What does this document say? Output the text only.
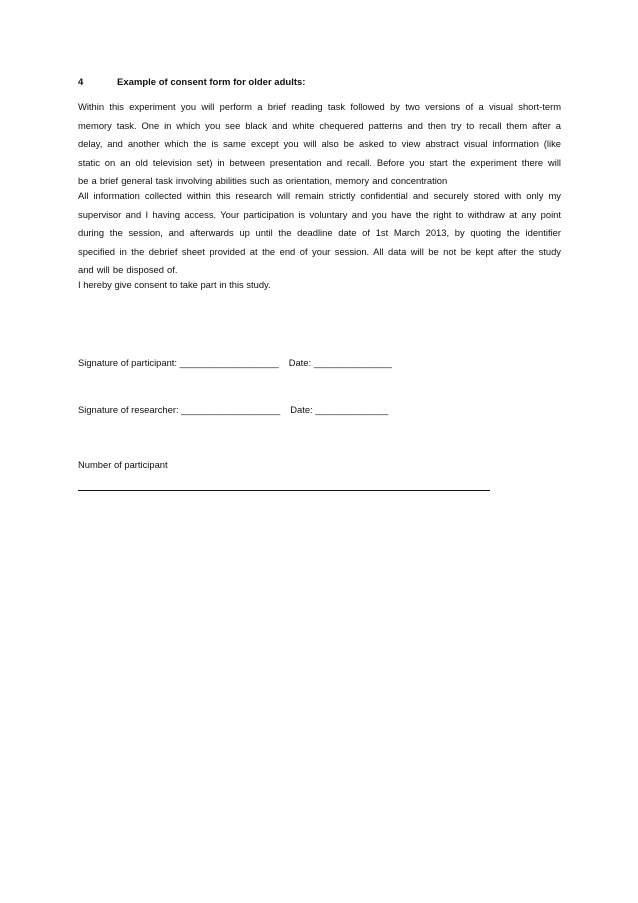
4	Example of consent form for older adults:
Within this experiment you will perform a brief reading task followed by two versions of a visual short-term
memory task. One in which you see black and white chequered patterns and then try to recall them after a
delay, and another which the is same except you will also be asked to view abstract visual information (like
static on an old television set) in between presentation and recall. Before you start the experiment there will
be a brief general task involving abilities such as orientation, memory and concentration
All information collected within this research will remain strictly confidential and securely stored with only my
supervisor and I having access. Your participation is voluntary and you have the right to withdraw at any point
during the session, and afterwards up until the deadline date of 1st March 2013, by quoting the identifier
specified in the debrief sheet provided at the end of your session. All data will be not be kept after the study
and will be disposed of.
I hereby give consent to take part in this study.
Signature of participant: ___________________ Date: _______________
Signature of researcher: ___________________ Date: ______________
Number of participant
